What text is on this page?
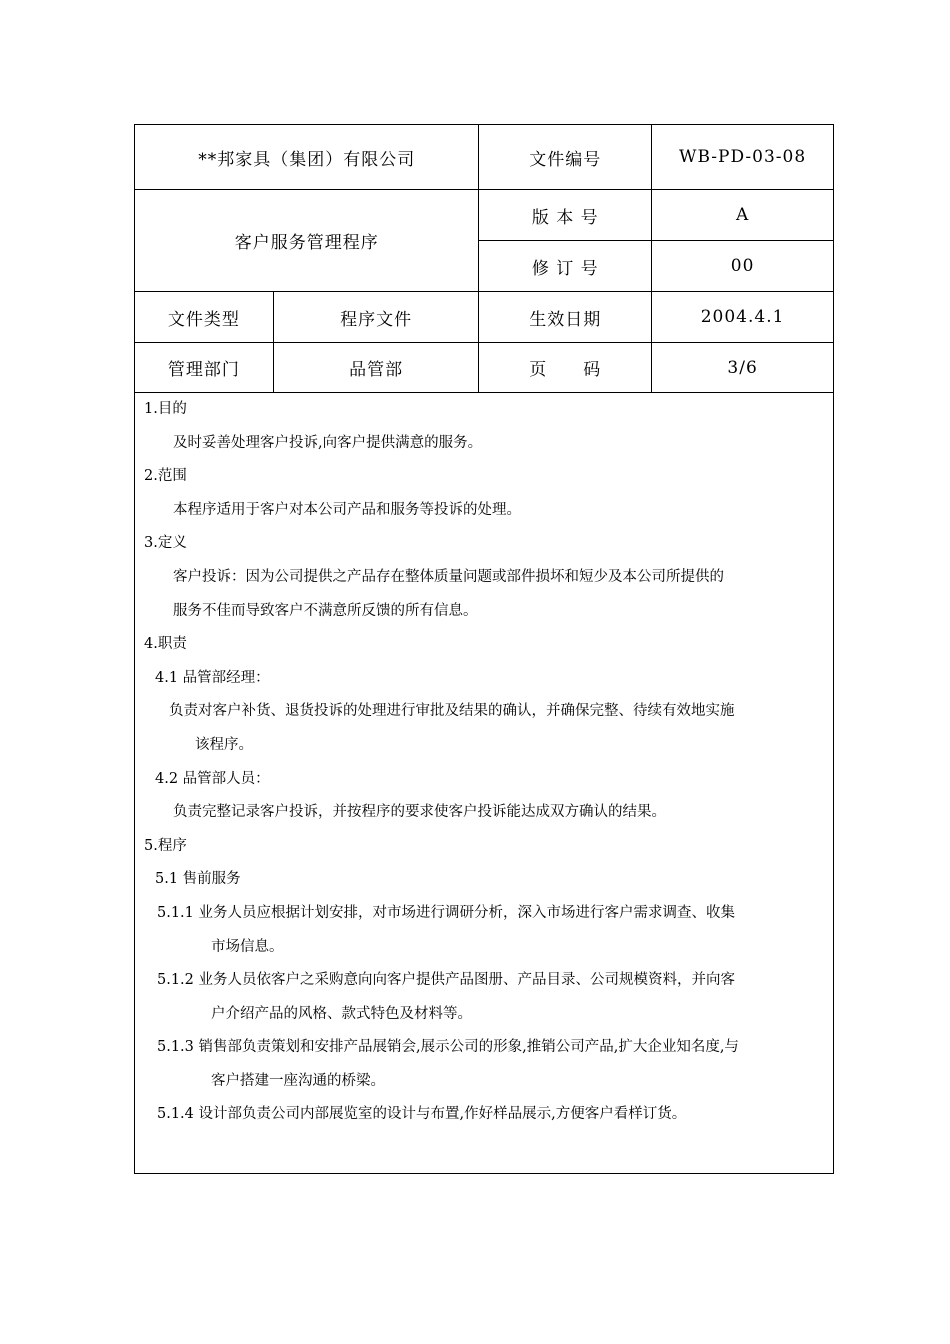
**邦家具（集团）有限公司		文件编号	WB-PD-03-08
客户服务管理程序		版 本 号	A
		修 订 号	00
文件类型	程序文件	生效日期	2004.4.1
管理部门	品管部	页　　码	3/6
1.目的
及时妥善处理客户投诉,向客户提供满意的服务。
2.范围
本程序适用于客户对本公司产品和服务等投诉的处理。
3.定义
客户投诉：因为公司提供之产品存在整体质量问题或部件损坏和短少及本公司所提供的
服务不佳而导致客户不满意所反馈的所有信息。
4.职责
4.1 品管部经理：
负责对客户补货、退货投诉的处理进行审批及结果的确认，并确保完整、待续有效地实施
该程序。
4.2 品管部人员：
负责完整记录客户投诉，并按程序的要求使客户投诉能达成双方确认的结果。
5.程序
5.1 售前服务
5.1.1 业务人员应根据计划安排，对市场进行调研分析，深入市场进行客户需求调查、收集
市场信息。
5.1.2 业务人员依客户之采购意向向客户提供产品图册、产品目录、公司规模资料，并向客
户介绍产品的风格、款式特色及材料等。
5.1.3 销售部负责策划和安排产品展销会,展示公司的形象,推销公司产品,扩大企业知名度,与
客户搭建一座沟通的桥梁。
5.1.4 设计部负责公司内部展览室的设计与布置,作好样品展示,方便客户看样订货。
